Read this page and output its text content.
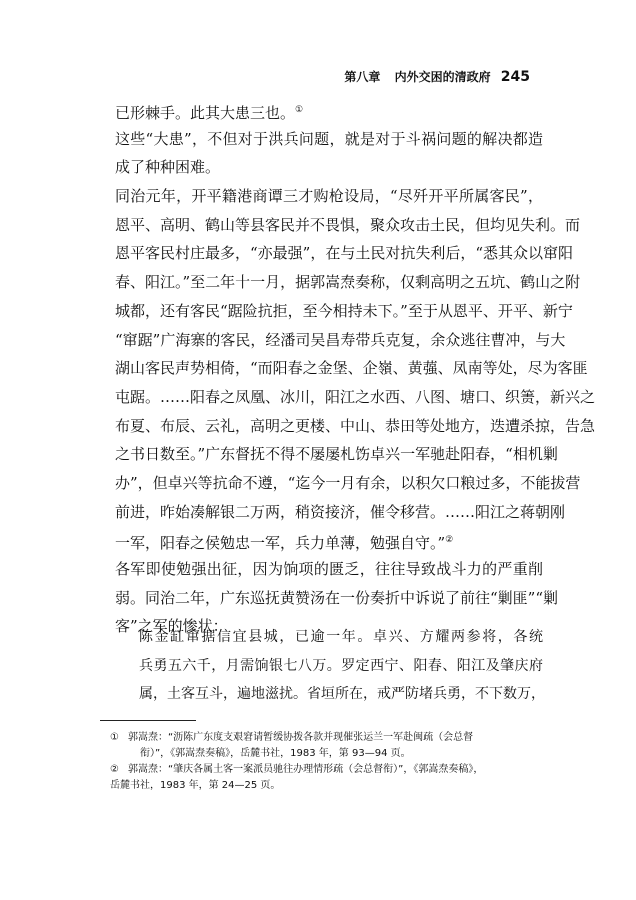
第八章 内外交困的清政府 245
已形棘手。此其大患三也。①
这些“大患”，不但对于洪兵问题，就是对于斗祸问题的解决都造
成了种种困难。
同治元年，开平籍港商谭三才购枪设局，“尽歼开平所属客民”，
恩平、高明、鹤山等县客民并不畏惧，聚众攻击土民，但均见失利。而
恩平客民村庄最多，“亦最强”，在与土民对抗失利后，“悉其众以窜阳
春、阳江。”至二年十一月，据郭嵩焘奏称，仅剩高明之五坑、鹤山之附
城都，还有客民“踞险抗拒，至今相持未下。”至于从恩平、开平、新宁
“窜踞”广海寨的客民，经潘司吴昌寿带兵克复，余众逃往曹冲，与大
湖山客民声势相倚，“而阳春之金堡、企嶺、黄蔃、凤南等处，尽为客匪
屯踞。……阳春之凤凰、冰川，阳江之水西、八图、塘口、织箦，新兴之
布夏、布辰、云礼，高明之更楼、中山、恭田等处地方，迭遭杀掠，告急
之书日数至。”广东督抚不得不屡屡札饬卓兴一军驰赴阳春，“相机剿
办”，但卓兴等抗命不遵，“迄今一月有余，以积欠口粮过多，不能拔营
前进，昨始凑解银二万两，稍资接济，催令移营。……阳江之蒋朝刚
一军，阳春之侯勉忠一军，兵力单薄，勉强自守。”②
各军即使勉强出征，因为饷项的匮乏，往往导致战斗力的严重削
弱。同治二年，广东巡抚黄赞汤在一份奏折中诉说了前往“剿匪”“剿
客”之军的惨状：
陈金缸窜据信宜县城，已逾一年。卓兴、方耀两参将，各统
兵勇五六千，月需饷银七八万。罗定西宁、阳春、阳江及肇庆府
属，土客互斗，遍地滋扰。省垣所在，戒严防堵兵勇，不下数万，
① 郭嵩焘：“沥陈广东度支艰窘请暂缓协拨各款并现催张运兰一军赴闽疏（会总督
衔）”，《郭嵩焘奏稿》，岳麓书社，1983 年，第 93—94 页。
② 郭嵩焘：“肇庆各属土客一案派员驰往办理情形疏（会总督衔）”，《郭嵩焘奏稿》，
岳麓书社，1983 年，第 24—25 页。
